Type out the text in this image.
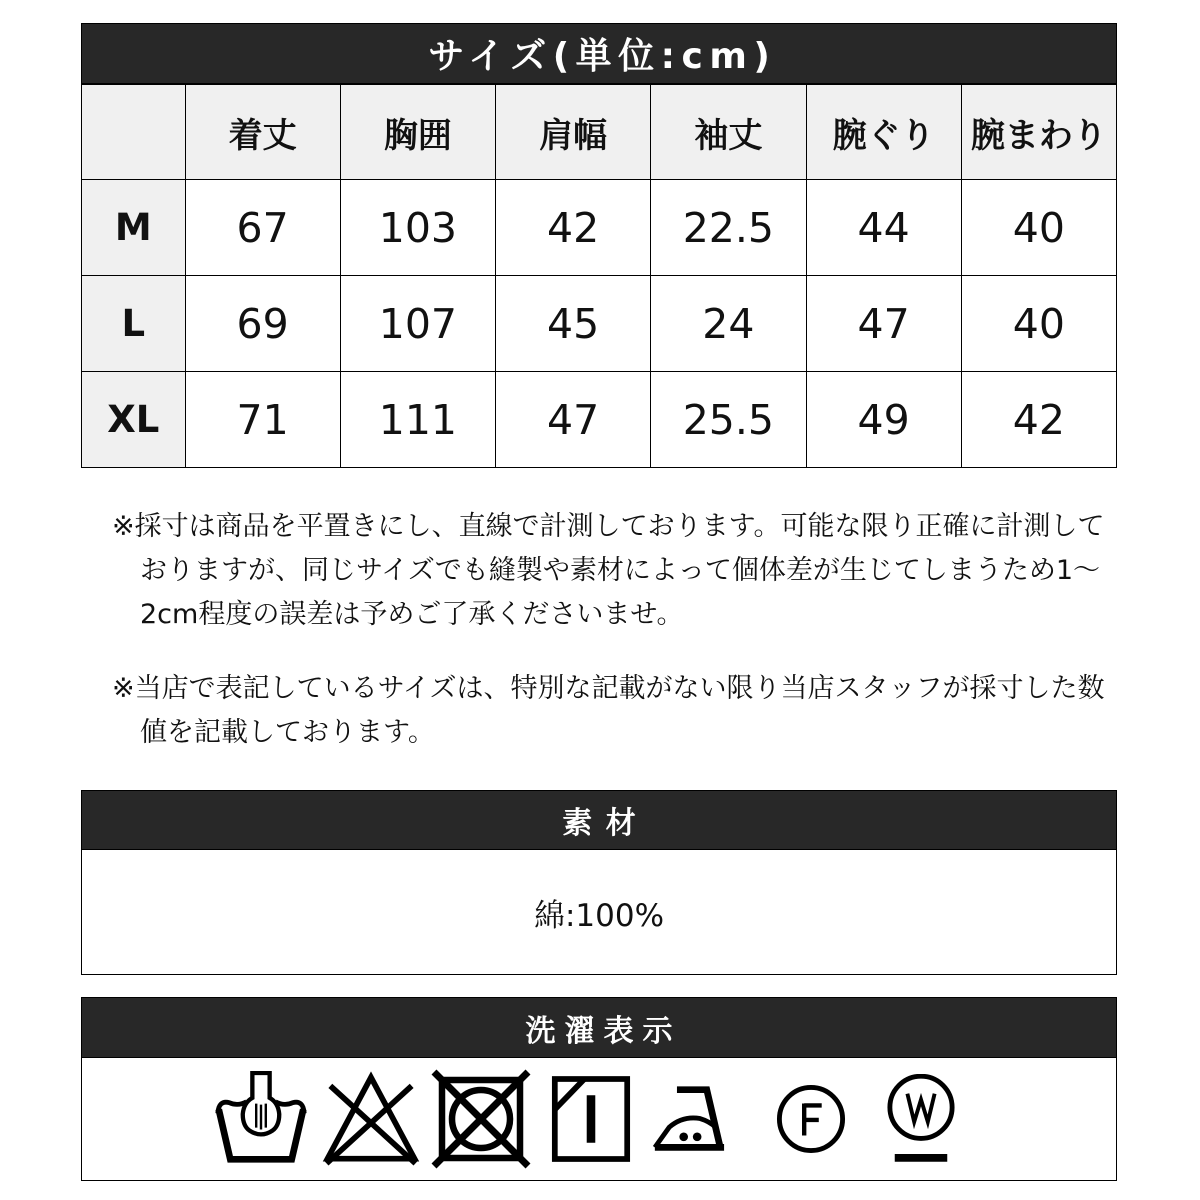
サイズ(単位:cm)
	着丈	胸囲	肩幅	袖丈	腕ぐり	腕まわり
M	67	103	42	22.5	44	40
L	69	107	45	24	47	40
XL	71	111	47	25.5	49	42

※採寸は商品を平置きにし、直線で計測しております。可能な限り正確に計測しておりますが、同じサイズでも縫製や素材によって個体差が生じてしまうため1〜2cm程度の誤差は予めご了承くださいませ。

※当店で表記しているサイズは、特別な記載がない限り当店スタッフが採寸した数値を記載しております。

素材
綿:100%
洗濯表示
